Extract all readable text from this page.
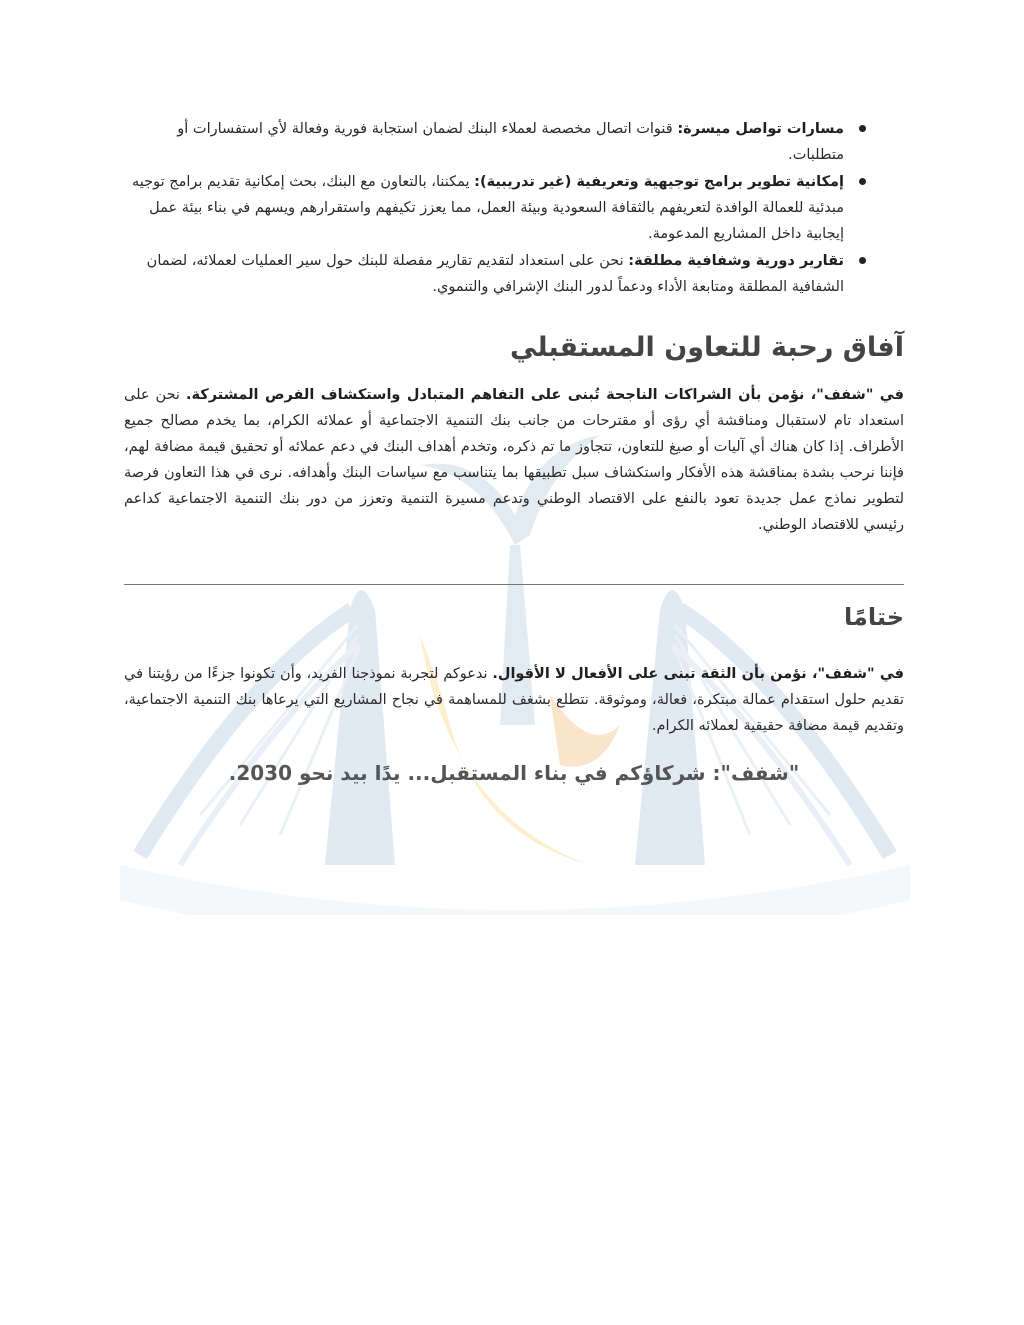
مسارات تواصل ميسرة: قنوات اتصال مخصصة لعملاء البنك لضمان استجابة فورية وفعالة لأي استفسارات أو متطلبات.
إمكانية تطوير برامج توجيهية وتعريفية (غير تدريبية): يمكننا، بالتعاون مع البنك، بحث إمكانية تقديم برامج توجيه مبدئية للعمالة الوافدة لتعريفهم بالثقافة السعودية وبيئة العمل، مما يعزز تكيفهم واستقرارهم ويسهم في بناء بيئة عمل إيجابية داخل المشاريع المدعومة.
تقارير دورية وشفافية مطلقة: نحن على استعداد لتقديم تقارير مفصلة للبنك حول سير العمليات لعملائه، لضمان الشفافية المطلقة ومتابعة الأداء ودعماً لدور البنك الإشرافي والتنموي.
آفاق رحبة للتعاون المستقبلي

في "شفف"، نؤمن بأن الشراكات الناجحة تُبنى على التفاهم المتبادل واستكشاف الفرص المشتركة. نحن على استعداد تام لاستقبال ومناقشة أي رؤى أو مقترحات من جانب بنك التنمية الاجتماعية أو عملائه الكرام، بما يخدم مصالح جميع الأطراف. إذا كان هناك أي آليات أو صيغ للتعاون، تتجاوز ما تم ذكره، وتخدم أهداف البنك في دعم عملائه أو تحقيق قيمة مضافة لهم، فإننا نرحب بشدة بمناقشة هذه الأفكار واستكشاف سبل تطبيقها بما يتناسب مع سياسات البنك وأهدافه. نرى في هذا التعاون فرصة لتطوير نماذج عمل جديدة تعود بالنفع على الاقتصاد الوطني وتدعم مسيرة التنمية وتعزز من دور بنك التنمية الاجتماعية كداعم رئيسي للاقتصاد الوطني.

ختامًا

في "شفف"، نؤمن بأن الثقة تبنى على الأفعال لا الأقوال. ندعوكم لتجربة نموذجنا الفريد، وأن تكونوا جزءًا من رؤيتنا في تقديم حلول استقدام عمالة مبتكرة، فعالة، وموثوقة. نتطلع بشغف للمساهمة في نجاح المشاريع التي يرعاها بنك التنمية الاجتماعية، وتقديم قيمة مضافة حقيقية لعملائه الكرام.

"شفف": شركاؤكم في بناء المستقبل... يدًا بيد نحو 2030.
